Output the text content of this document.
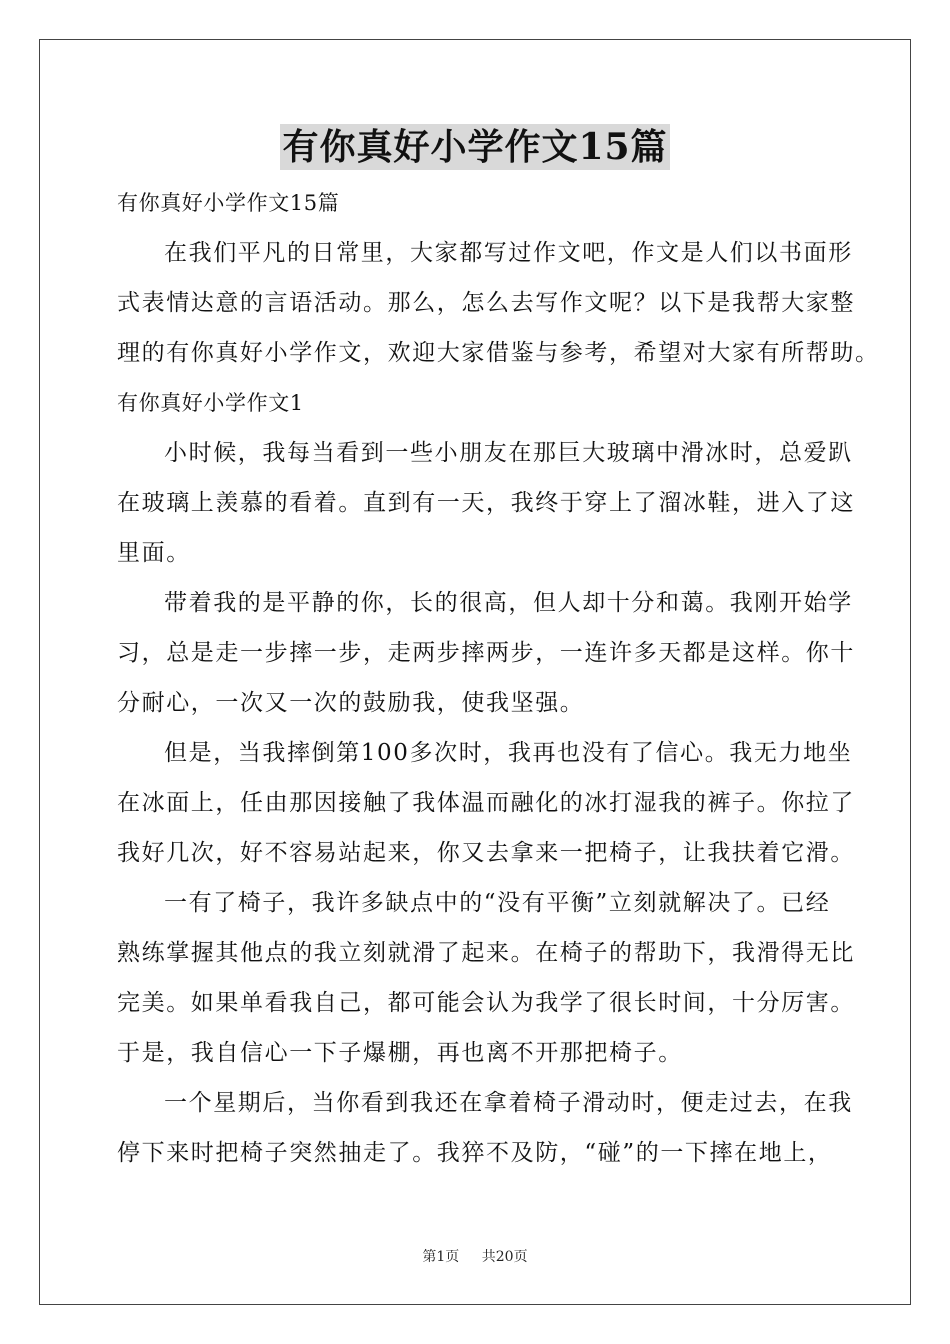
有你真好小学作文15篇
有你真好小学作文15篇
在我们平凡的日常里，大家都写过作文吧，作文是人们以书面形
式表情达意的言语活动。那么，怎么去写作文呢？以下是我帮大家整
理的有你真好小学作文，欢迎大家借鉴与参考，希望对大家有所帮助。
有你真好小学作文1
小时候，我每当看到一些小朋友在那巨大玻璃中滑冰时，总爱趴
在玻璃上羡慕的看着。直到有一天，我终于穿上了溜冰鞋，进入了这
里面。
带着我的是平静的你，长的很高，但人却十分和蔼。我刚开始学
习，总是走一步摔一步，走两步摔两步，一连许多天都是这样。你十
分耐心，一次又一次的鼓励我，使我坚强。
但是，当我摔倒第100多次时，我再也没有了信心。我无力地坐
在冰面上，任由那因接触了我体温而融化的冰打湿我的裤子。你拉了
我好几次，好不容易站起来，你又去拿来一把椅子，让我扶着它滑。
一有了椅子，我许多缺点中的“没有平衡”立刻就解决了。已经
熟练掌握其他点的我立刻就滑了起来。在椅子的帮助下，我滑得无比
完美。如果单看我自己，都可能会认为我学了很长时间，十分厉害。
于是，我自信心一下子爆棚，再也离不开那把椅子。
一个星期后，当你看到我还在拿着椅子滑动时，便走过去，在我
停下来时把椅子突然抽走了。我猝不及防，“碰”的一下摔在地上，
第1页 共20页
